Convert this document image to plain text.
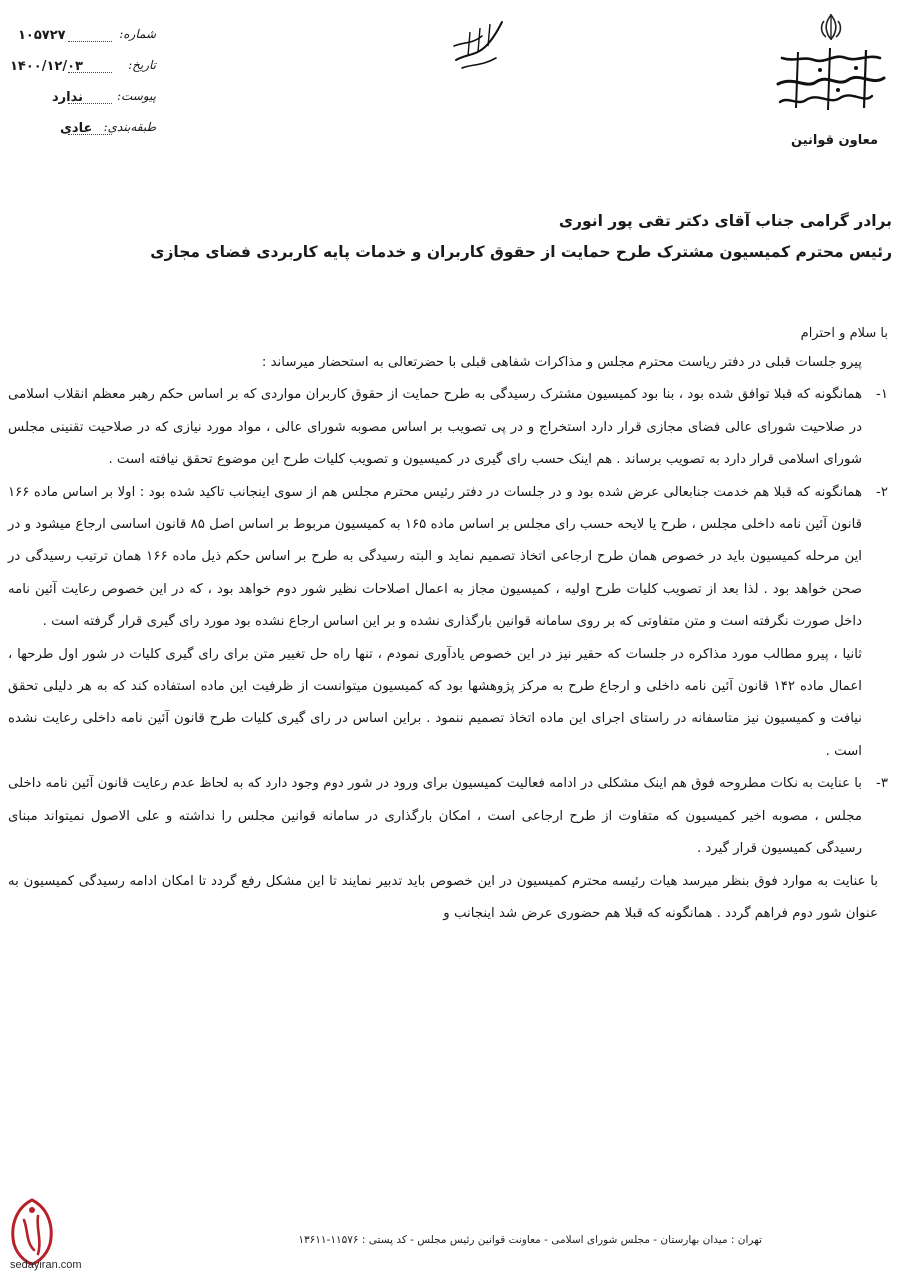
معاون قوانین
شماره:
۱۰۵۷۲۷
تاریخ:
۱۴۰۰/۱۲/۰۳
پیوست:
ندارد
طبقه‌بندی:
عادی
برادر گرامی جناب آقای دکتر تقی پور انوری
رئیس محترم کمیسیون مشترک طرح حمایت از حقوق کاربران و خدمات پایه کاربردی فضای مجازی
با سلام و احترام
پیرو جلسات قبلی در دفتر ریاست محترم مجلس و مذاکرات شفاهی قبلی با حضرتعالی به استحضار میرساند :
۱-
همانگونه که قبلا توافق شده بود ، بنا بود کمیسیون مشترک رسیدگی به طرح حمایت از حقوق کاربران مواردی که بر اساس حکم رهبر معظم انقلاب اسلامی در صلاحیت شورای عالی فضای مجازی قرار دارد استخراج و در پی تصویب بر اساس مصوبه شورای عالی ، مواد مورد نیازی که در صلاحیت تقنینی مجلس شورای اسلامی قرار دارد به تصویب برساند . هم اینک حسب رای گیری در کمیسیون و تصویب کلیات طرح این موضوع تحقق نیافته است .
۲-
همانگونه که قبلا هم خدمت جنابعالی عرض شده بود و در جلسات در دفتر رئیس محترم مجلس هم از سوی اینجانب تاکید شده بود : اولا بر اساس ماده ۱۶۶ قانون آئین نامه داخلی مجلس ، طرح یا لایحه حسب رای مجلس بر اساس ماده ۱۶۵ به کمیسیون مربوط بر اساس اصل ۸۵ قانون اساسی ارجاع میشود و در این مرحله کمیسیون باید در خصوص همان طرح ارجاعی اتخاذ تصمیم نماید و البته رسیدگی به طرح بر اساس حکم ذیل ماده ۱۶۶ همان ترتیب رسیدگی در صحن خواهد بود . لذا بعد از تصویب کلیات طرح اولیه ، کمیسیون مجاز به اعمال اصلاحات نظیر شور دوم خواهد بود ، که در این خصوص رعایت آئین نامه داخل صورت نگرفته است و متن متفاوتی که بر روی سامانه قوانین بارگذاری نشده و بر این اساس ارجاع نشده بود مورد رای گیری قرار گرفته است .
ثانیا ، پیرو مطالب مورد مذاکره در جلسات که حقیر نیز در این خصوص یادآوری نمودم ، تنها راه حل تغییر متن برای رای گیری کلیات در شور اول طرحها ، اعمال ماده ۱۴۲ قانون آئین نامه داخلی و ارجاع طرح به مرکز پژوهشها بود که کمیسیون میتوانست از ظرفیت این ماده استفاده کند که به هر دلیلی تحقق نیافت و کمیسیون نیز متاسفانه در راستای اجرای این ماده اتخاذ تصمیم ننمود . براین اساس در رای گیری کلیات طرح قانون آئین نامه داخلی رعایت نشده است .
۳-
با عنایت به نکات مطروحه فوق هم اینک مشکلی در ادامه فعالیت کمیسیون برای ورود در شور دوم وجود دارد که به لحاظ عدم رعایت قانون آئین نامه داخلی مجلس ، مصوبه اخیر کمیسیون که متفاوت از طرح ارجاعی است ، امکان بارگذاری در سامانه قوانین مجلس را نداشته و علی الاصول نمیتواند مبنای رسیدگی کمیسیون قرار گیرد .
با عنایت به موارد فوق بنظر میرسد هیات رئیسه محترم کمیسیون در این خصوص باید تدبیر نمایند تا این مشکل رفع گردد تا امکان ادامه رسیدگی کمیسیون به عنوان شور دوم فراهم گردد . همانگونه که قبلا هم حضوری عرض شد اینجانب و
تهران : میدان بهارستان - مجلس شورای اسلامی - معاونت قوانین رئیس مجلس - کد پستی : ۱۱۵۷۶-۱۳۶۱۱
sedayiran.com
